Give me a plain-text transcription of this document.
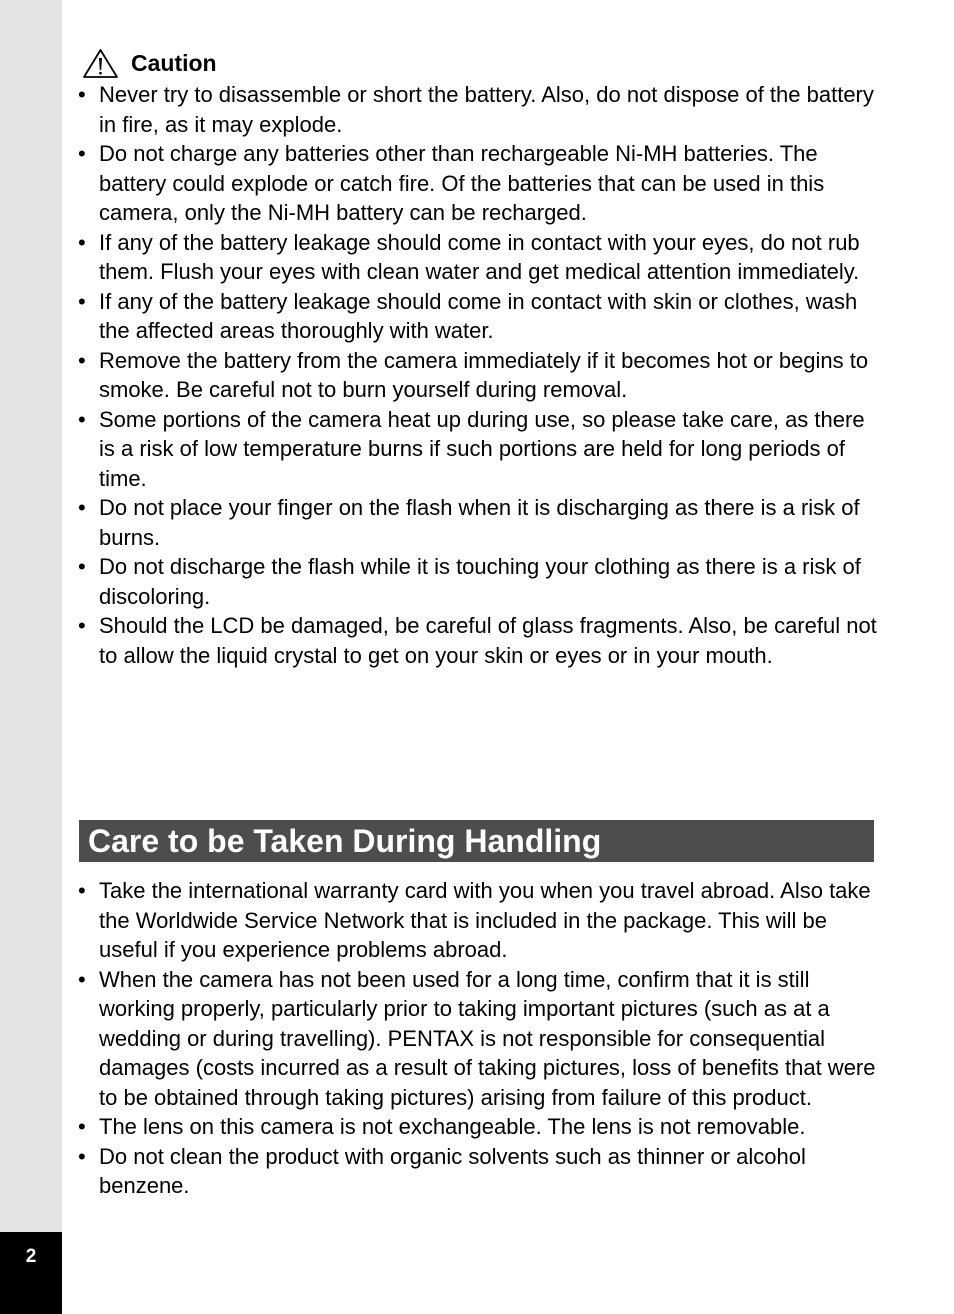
2
Caution
• Never try to disassemble or short the battery. Also, do not dispose of the battery in fire, as it may explode.
• Do not charge any batteries other than rechargeable Ni-MH batteries. The battery could explode or catch fire. Of the batteries that can be used in this camera, only the Ni-MH battery can be recharged.
• If any of the battery leakage should come in contact with your eyes, do not rub them. Flush your eyes with clean water and get medical attention immediately.
• If any of the battery leakage should come in contact with skin or clothes, wash the affected areas thoroughly with water.
• Remove the battery from the camera immediately if it becomes hot or begins to smoke. Be careful not to burn yourself during removal.
• Some portions of the camera heat up during use, so please take care, as there is a risk of low temperature burns if such portions are held for long periods of time.
• Do not place your finger on the flash when it is discharging as there is a risk of burns.
• Do not discharge the flash while it is touching your clothing as there is a risk of discoloring.
• Should the LCD be damaged, be careful of glass fragments. Also, be careful not to allow the liquid crystal to get on your skin or eyes or in your mouth.
Care to be Taken During Handling
• Take the international warranty card with you when you travel abroad. Also take the Worldwide Service Network that is included in the package. This will be useful if you experience problems abroad.
• When the camera has not been used for a long time, confirm that it is still working properly, particularly prior to taking important pictures (such as at a wedding or during travelling). PENTAX is not responsible for consequential damages (costs incurred as a result of taking pictures, loss of benefits that were to be obtained through taking pictures) arising from failure of this product.
• The lens on this camera is not exchangeable. The lens is not removable.
• Do not clean the product with organic solvents such as thinner or alcohol benzene.
